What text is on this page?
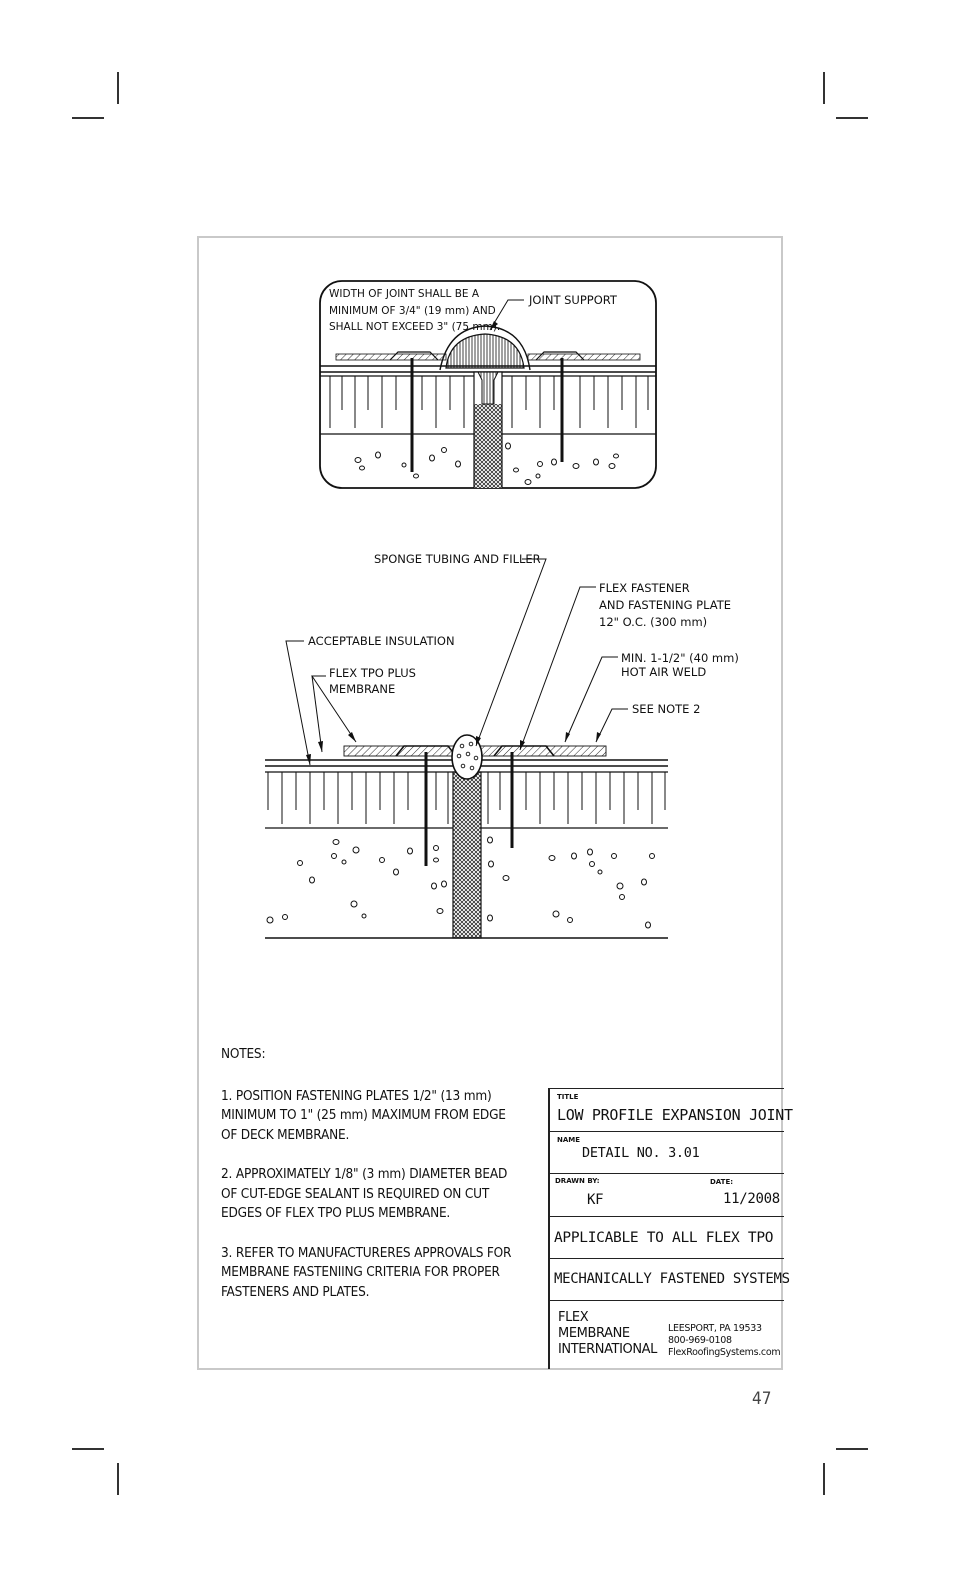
WIDTH OF JOINT SHALL BE A
MINIMUM OF 3/4" (19 mm) AND
SHALL NOT EXCEED 3" (75 mm).
JOINT SUPPORT
SPONGE TUBING AND FILLER
FLEX FASTENER
AND FASTENING PLATE
12" O.C. (300 mm)
ACCEPTABLE INSULATION
MIN. 1-1/2" (40 mm)
HOT AIR WELD
FLEX TPO PLUS
MEMBRANE
SEE NOTE 2

NOTES:

1. POSITION FASTENING PLATES 1/2" (13 mm) MINIMUM TO 1" (25 mm) MAXIMUM FROM EDGE OF DECK MEMBRANE.

2. APPROXIMATELY 1/8" (3 mm) DIAMETER BEAD OF CUT-EDGE SEALANT IS REQUIRED ON CUT EDGES OF FLEX TPO PLUS MEMBRANE.

3. REFER TO MANUFACTURERES APPROVALS FOR MEMBRANE FASTENIING CRITERIA FOR PROPER FASTENERS AND PLATES.

TITLE
LOW PROFILE EXPANSION JOINT
NAME
DETAIL NO. 3.01
DRAWN BY:	DATE:
KF	11/2008
APPLICABLE TO ALL FLEX TPO
MECHANICALLY FASTENED SYSTEMS
FLEX
MEMBRANE
INTERNATIONAL
LEESPORT, PA 19533
800-969-0108
FlexRoofingSystems.com
47
